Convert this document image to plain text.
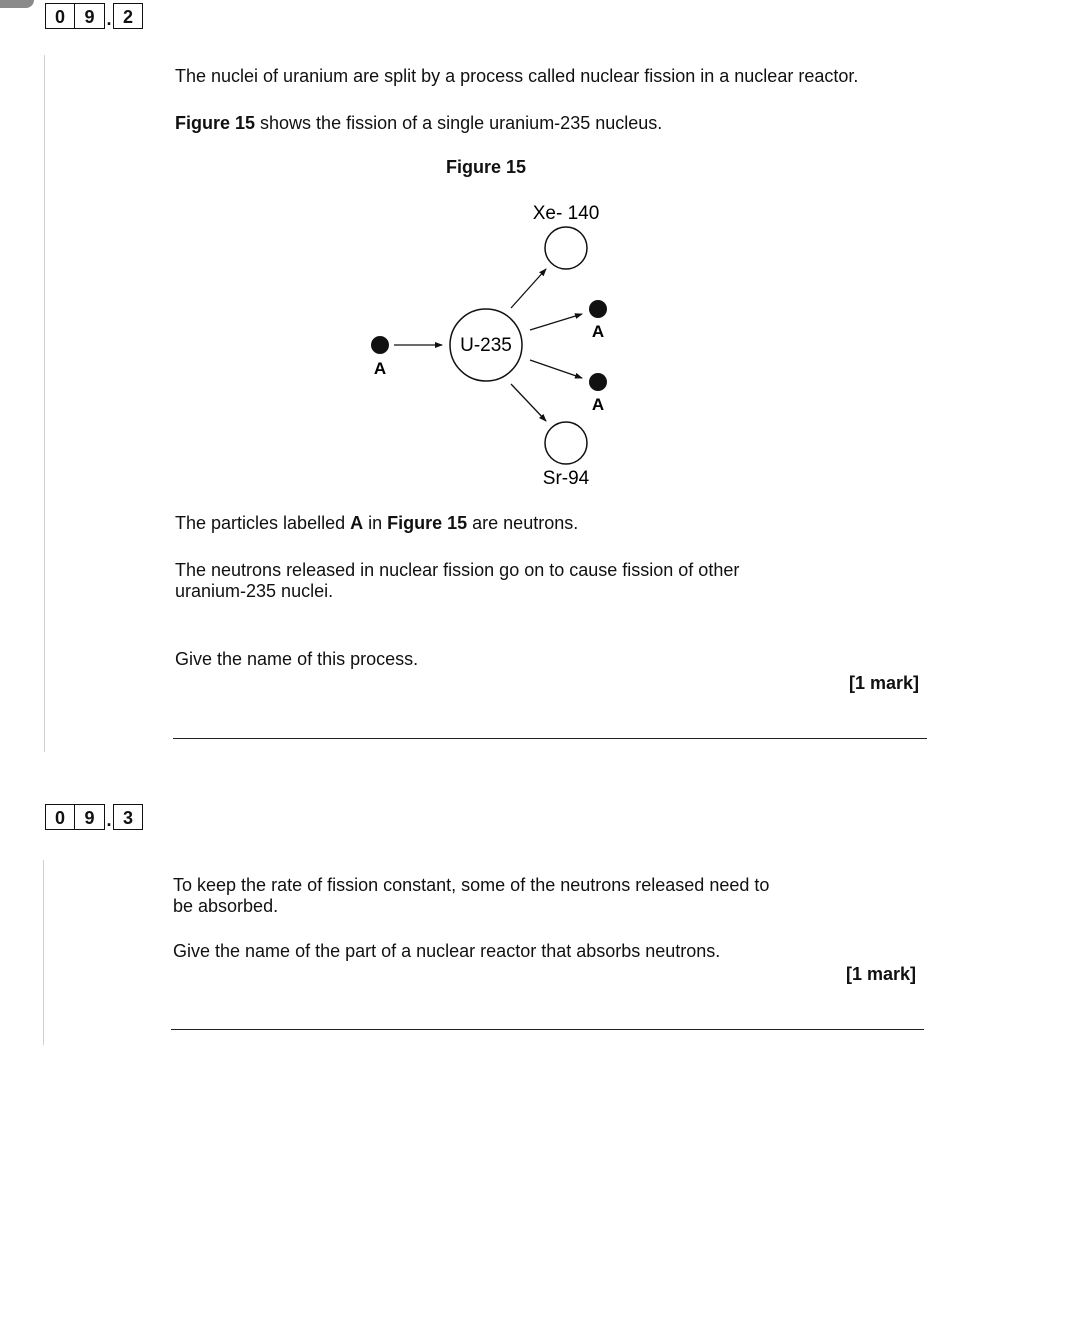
0	9 . 2
The nuclei of uranium are split by a process called nuclear fission in a nuclear reactor.
Figure 15 shows the fission of a single uranium-235 nucleus.
Figure 15
A
U-235
Xe- 140
A
A
Sr-94
The particles labelled A in Figure 15 are neutrons.
The neutrons released in nuclear fission go on to cause fission of other
uranium-235 nuclei.
Give the name of this process.
[1 mark]
0	9 . 3
To keep the rate of fission constant, some of the neutrons released need to
be absorbed.
Give the name of the part of a nuclear reactor that absorbs neutrons.
[1 mark]
